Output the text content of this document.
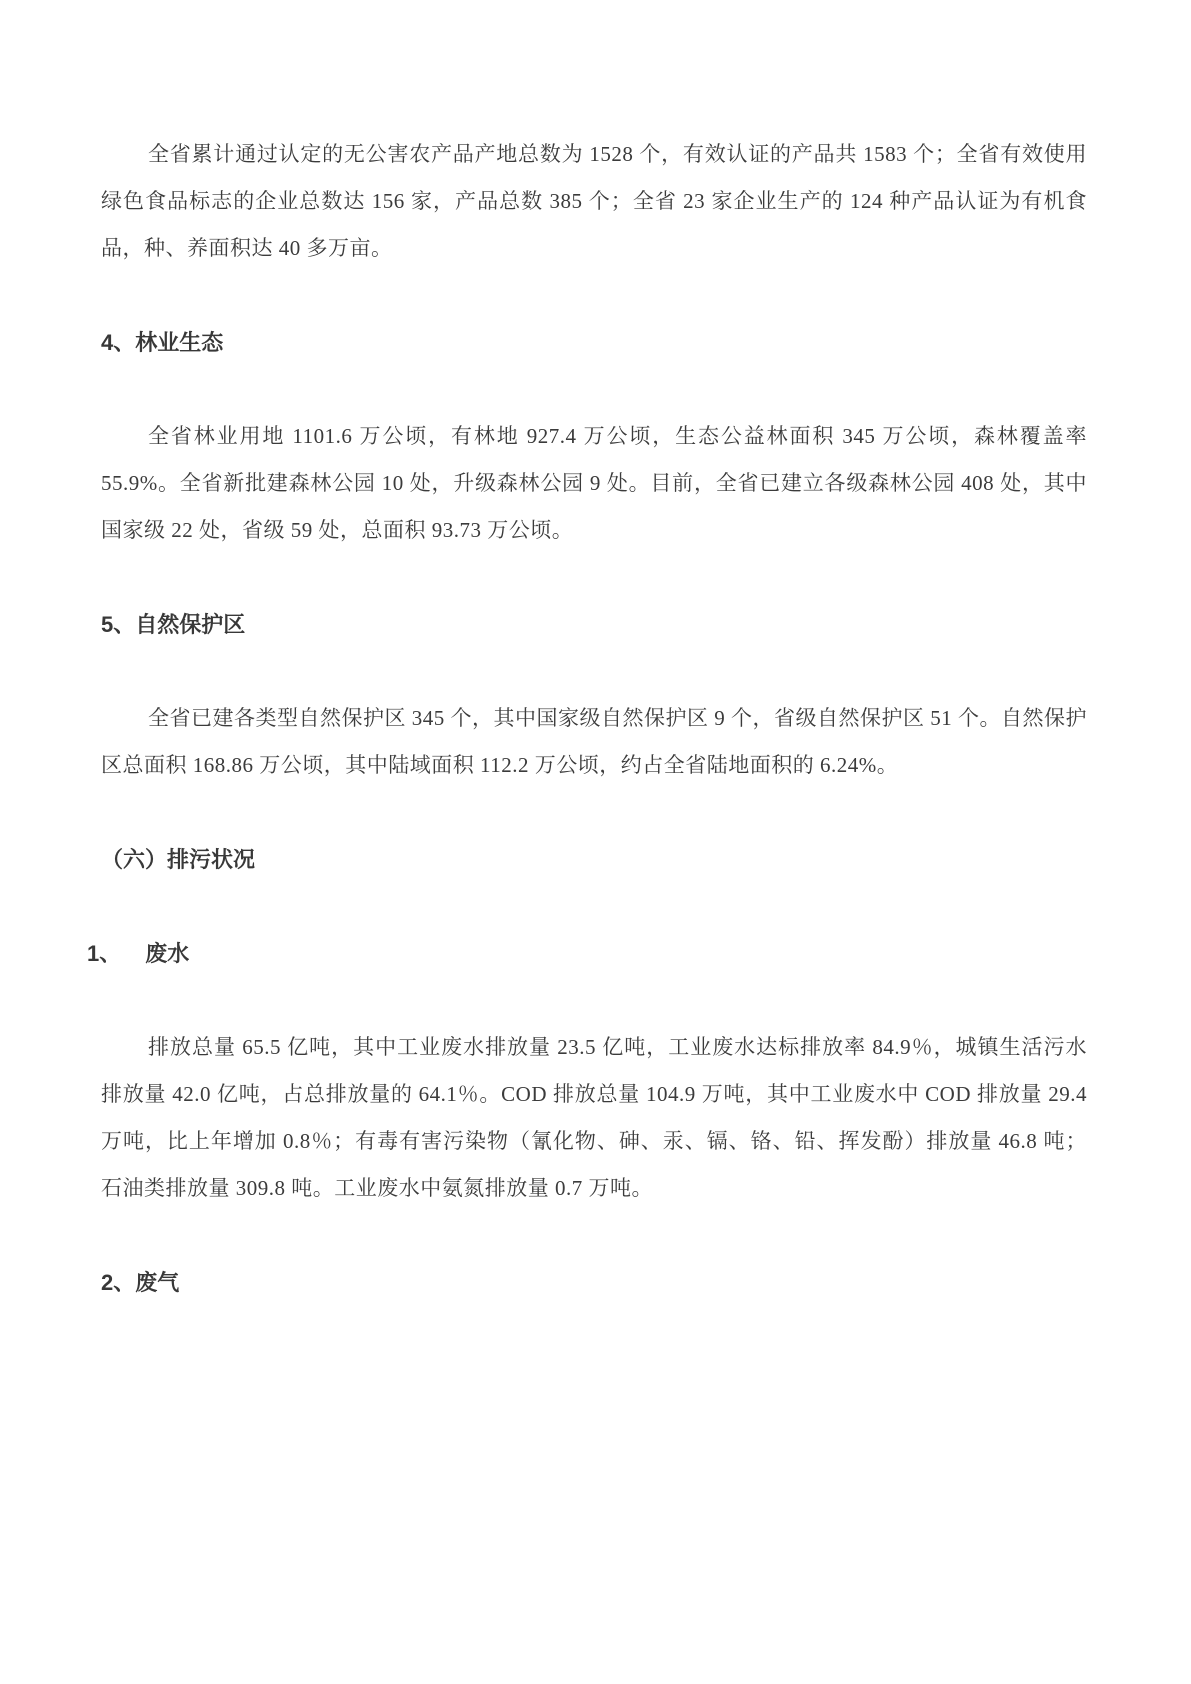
全省累计通过认定的无公害农产品产地总数为 1528 个，有效认证的产品共 1583 个；全省有效使用绿色食品标志的企业总数达 156 家，产品总数 385 个；全省 23 家企业生产的 124 种产品认证为有机食品，种、养面积达 40 多万亩。

4、林业生态

全省林业用地 1101.6 万公顷，有林地 927.4 万公顷，生态公益林面积 345 万公顷，森林覆盖率 55.9%。全省新批建森林公园 10 处，升级森林公园 9 处。目前，全省已建立各级森林公园 408 处，其中国家级 22 处，省级 59 处，总面积 93.73 万公顷。

5、自然保护区

全省已建各类型自然保护区 345 个，其中国家级自然保护区 9 个，省级自然保护区 51 个。自然保护区总面积 168.86 万公顷，其中陆域面积 112.2 万公顷，约占全省陆地面积的 6.24%。

（六）排污状况
1、 废水

排放总量 65.5 亿吨，其中工业废水排放量 23.5 亿吨，工业废水达标排放率 84.9％，城镇生活污水排放量 42.0 亿吨，占总排放量的 64.1％。COD 排放总量 104.9 万吨，其中工业废水中 COD 排放量 29.4 万吨，比上年增加 0.8％；有毒有害污染物（氰化物、砷、汞、镉、铬、铅、挥发酚）排放量 46.8 吨；石油类排放量 309.8 吨。工业废水中氨氮排放量 0.7 万吨。

2、废气
